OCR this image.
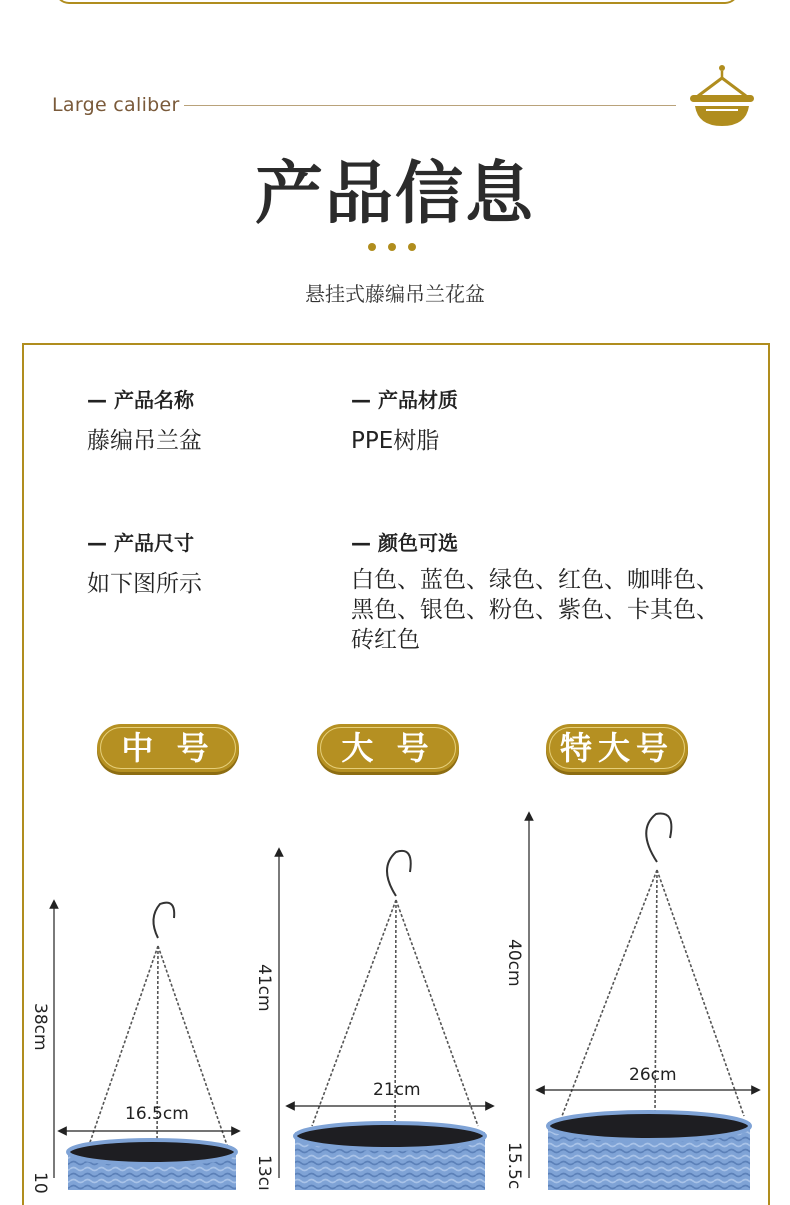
Large caliber
产品信息
悬挂式藤编吊兰花盆
— 产品名称
藤编吊兰盆
— 产品材质
PPE树脂
— 产品尺寸
如下图所示
— 颜色可选
白色、蓝色、绿色、红色、咖啡色、
黑色、银色、粉色、紫色、卡其色、
砖红色
中 号	大 号	特大号
38cm
16.5cm
10
41cm
21cm
13cı
40cm
26cm
15.5c
